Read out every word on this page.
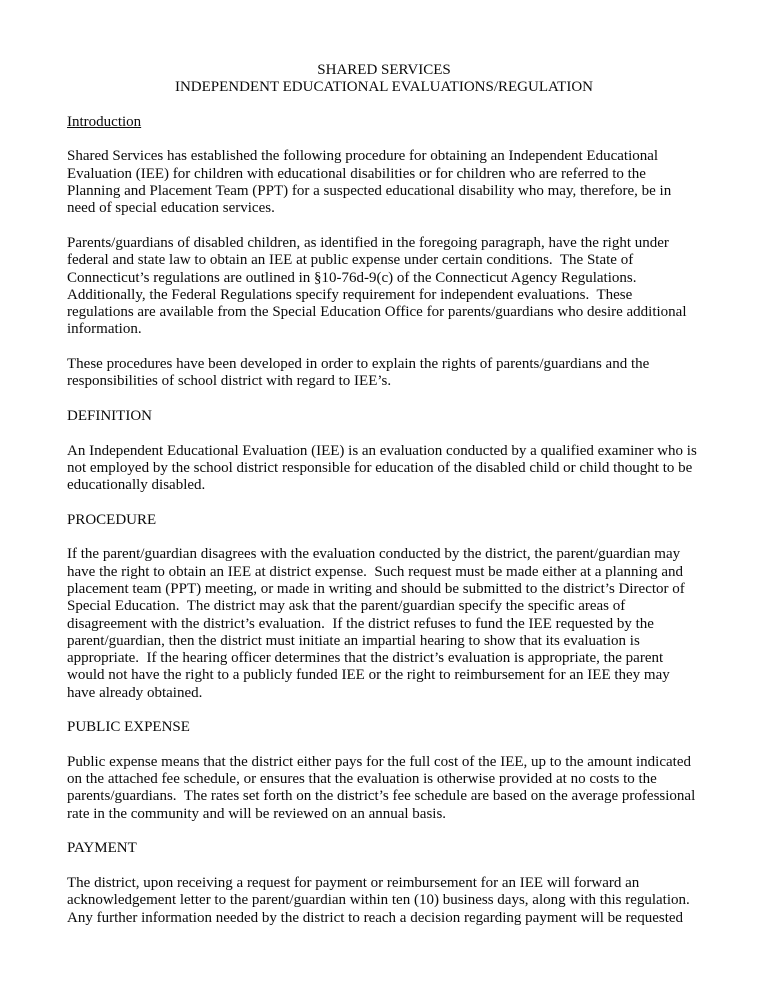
SHARED SERVICES
INDEPENDENT EDUCATIONAL EVALUATIONS/REGULATION
Introduction
Shared Services has established the following procedure for obtaining an Independent Educational Evaluation (IEE) for children with educational disabilities or for children who are referred to the Planning and Placement Team (PPT) for a suspected educational disability who may, therefore, be in need of special education services.
Parents/guardians of disabled children, as identified in the foregoing paragraph, have the right under federal and state law to obtain an IEE at public expense under certain conditions.  The State of Connecticut’s regulations are outlined in §10-76d-9(c) of the Connecticut Agency Regulations.  Additionally, the Federal Regulations specify requirement for independent evaluations.  These regulations are available from the Special Education Office for parents/guardians who desire additional information.
These procedures have been developed in order to explain the rights of parents/guardians and the responsibilities of school district with regard to IEE’s.
DEFINITION
An Independent Educational Evaluation (IEE) is an evaluation conducted by a qualified examiner who is not employed by the school district responsible for education of the disabled child or child thought to be educationally disabled.
PROCEDURE
If the parent/guardian disagrees with the evaluation conducted by the district, the parent/guardian may have the right to obtain an IEE at district expense.  Such request must be made either at a planning and placement team (PPT) meeting, or made in writing and should be submitted to the district’s Director of Special Education.  The district may ask that the parent/guardian specify the specific areas of disagreement with the district’s evaluation.  If the district refuses to fund the IEE requested by the parent/guardian, then the district must initiate an impartial hearing to show that its evaluation is appropriate.  If the hearing officer determines that the district’s evaluation is appropriate, the parent would not have the right to a publicly funded IEE or the right to reimbursement for an IEE they may have already obtained.
PUBLIC EXPENSE
Public expense means that the district either pays for the full cost of the IEE, up to the amount indicated on the attached fee schedule, or ensures that the evaluation is otherwise provided at no costs to the parents/guardians.  The rates set forth on the district’s fee schedule are based on the average professional rate in the community and will be reviewed on an annual basis.
PAYMENT
The district, upon receiving a request for payment or reimbursement for an IEE will forward an acknowledgement letter to the parent/guardian within ten (10) business days, along with this regulation.  Any further information needed by the district to reach a decision regarding payment will be requested
